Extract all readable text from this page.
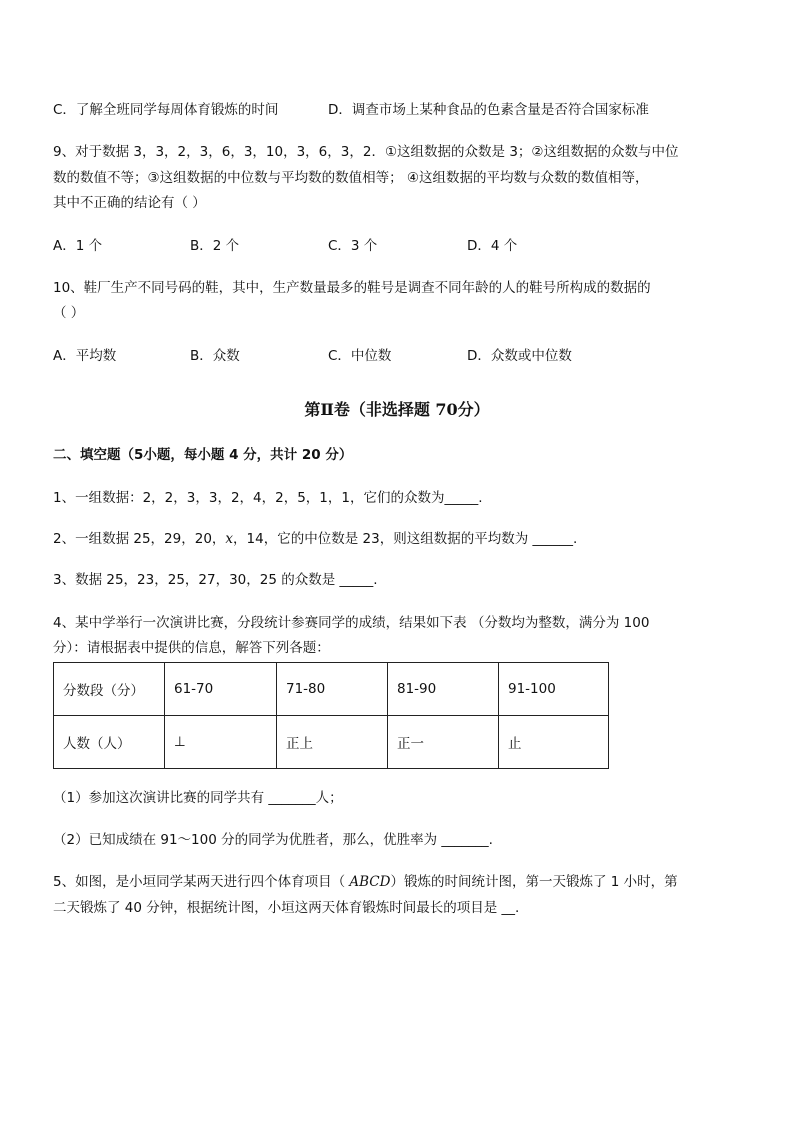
C．了解全班同学每周体育锻炼的时间	D．调查市场上某种食品的色素含量是否符合国家标准
9、对于数据 3，3，2，3，6，3，10，3，6，3，2．①这组数据的众数是 3；②这组数据的众数与中位
数的数值不等；③这组数据的中位数与平均数的数值相等； ④这组数据的平均数与众数的数值相等，
其中不正确的结论有（ ）
A．1 个	B．2 个	C．3 个	D．4 个
10、鞋厂生产不同号码的鞋，其中，生产数量最多的鞋号是调查不同年龄的人的鞋号所构成的数据的
（ ）
A．平均数	B．众数	C．中位数	D．众数或中位数
第Ⅱ卷（非选择题 70分）
二、填空题（5小题，每小题 4 分，共计 20 分）
1、一组数据：2，2，3，3，2，4，2，5，1，1，它们的众数为_____.
2、一组数据 25，29，20，x，14，它的中位数是 23，则这组数据的平均数为 ______.
3、数据 25，23，25，27，30，25 的众数是 _____.
4、某中学举行一次演讲比赛，分段统计参赛同学的成绩，结果如下表 （分数均为整数，满分为 100
分）：请根据表中提供的信息，解答下列各题：
分数段（分）	61-70	71-80	81-90	91-100
人数（人）	⊥	正上	正一	止
（1）参加这次演讲比赛的同学共有 _______人；
（2）已知成绩在 91～100 分的同学为优胜者，那么，优胜率为 _______.
5、如图，是小垣同学某两天进行四个体育项目（ ABCD）锻炼的时间统计图，第一天锻炼了 1 小时，第
二天锻炼了 40 分钟，根据统计图，小垣这两天体育锻炼时间最长的项目是 __.
